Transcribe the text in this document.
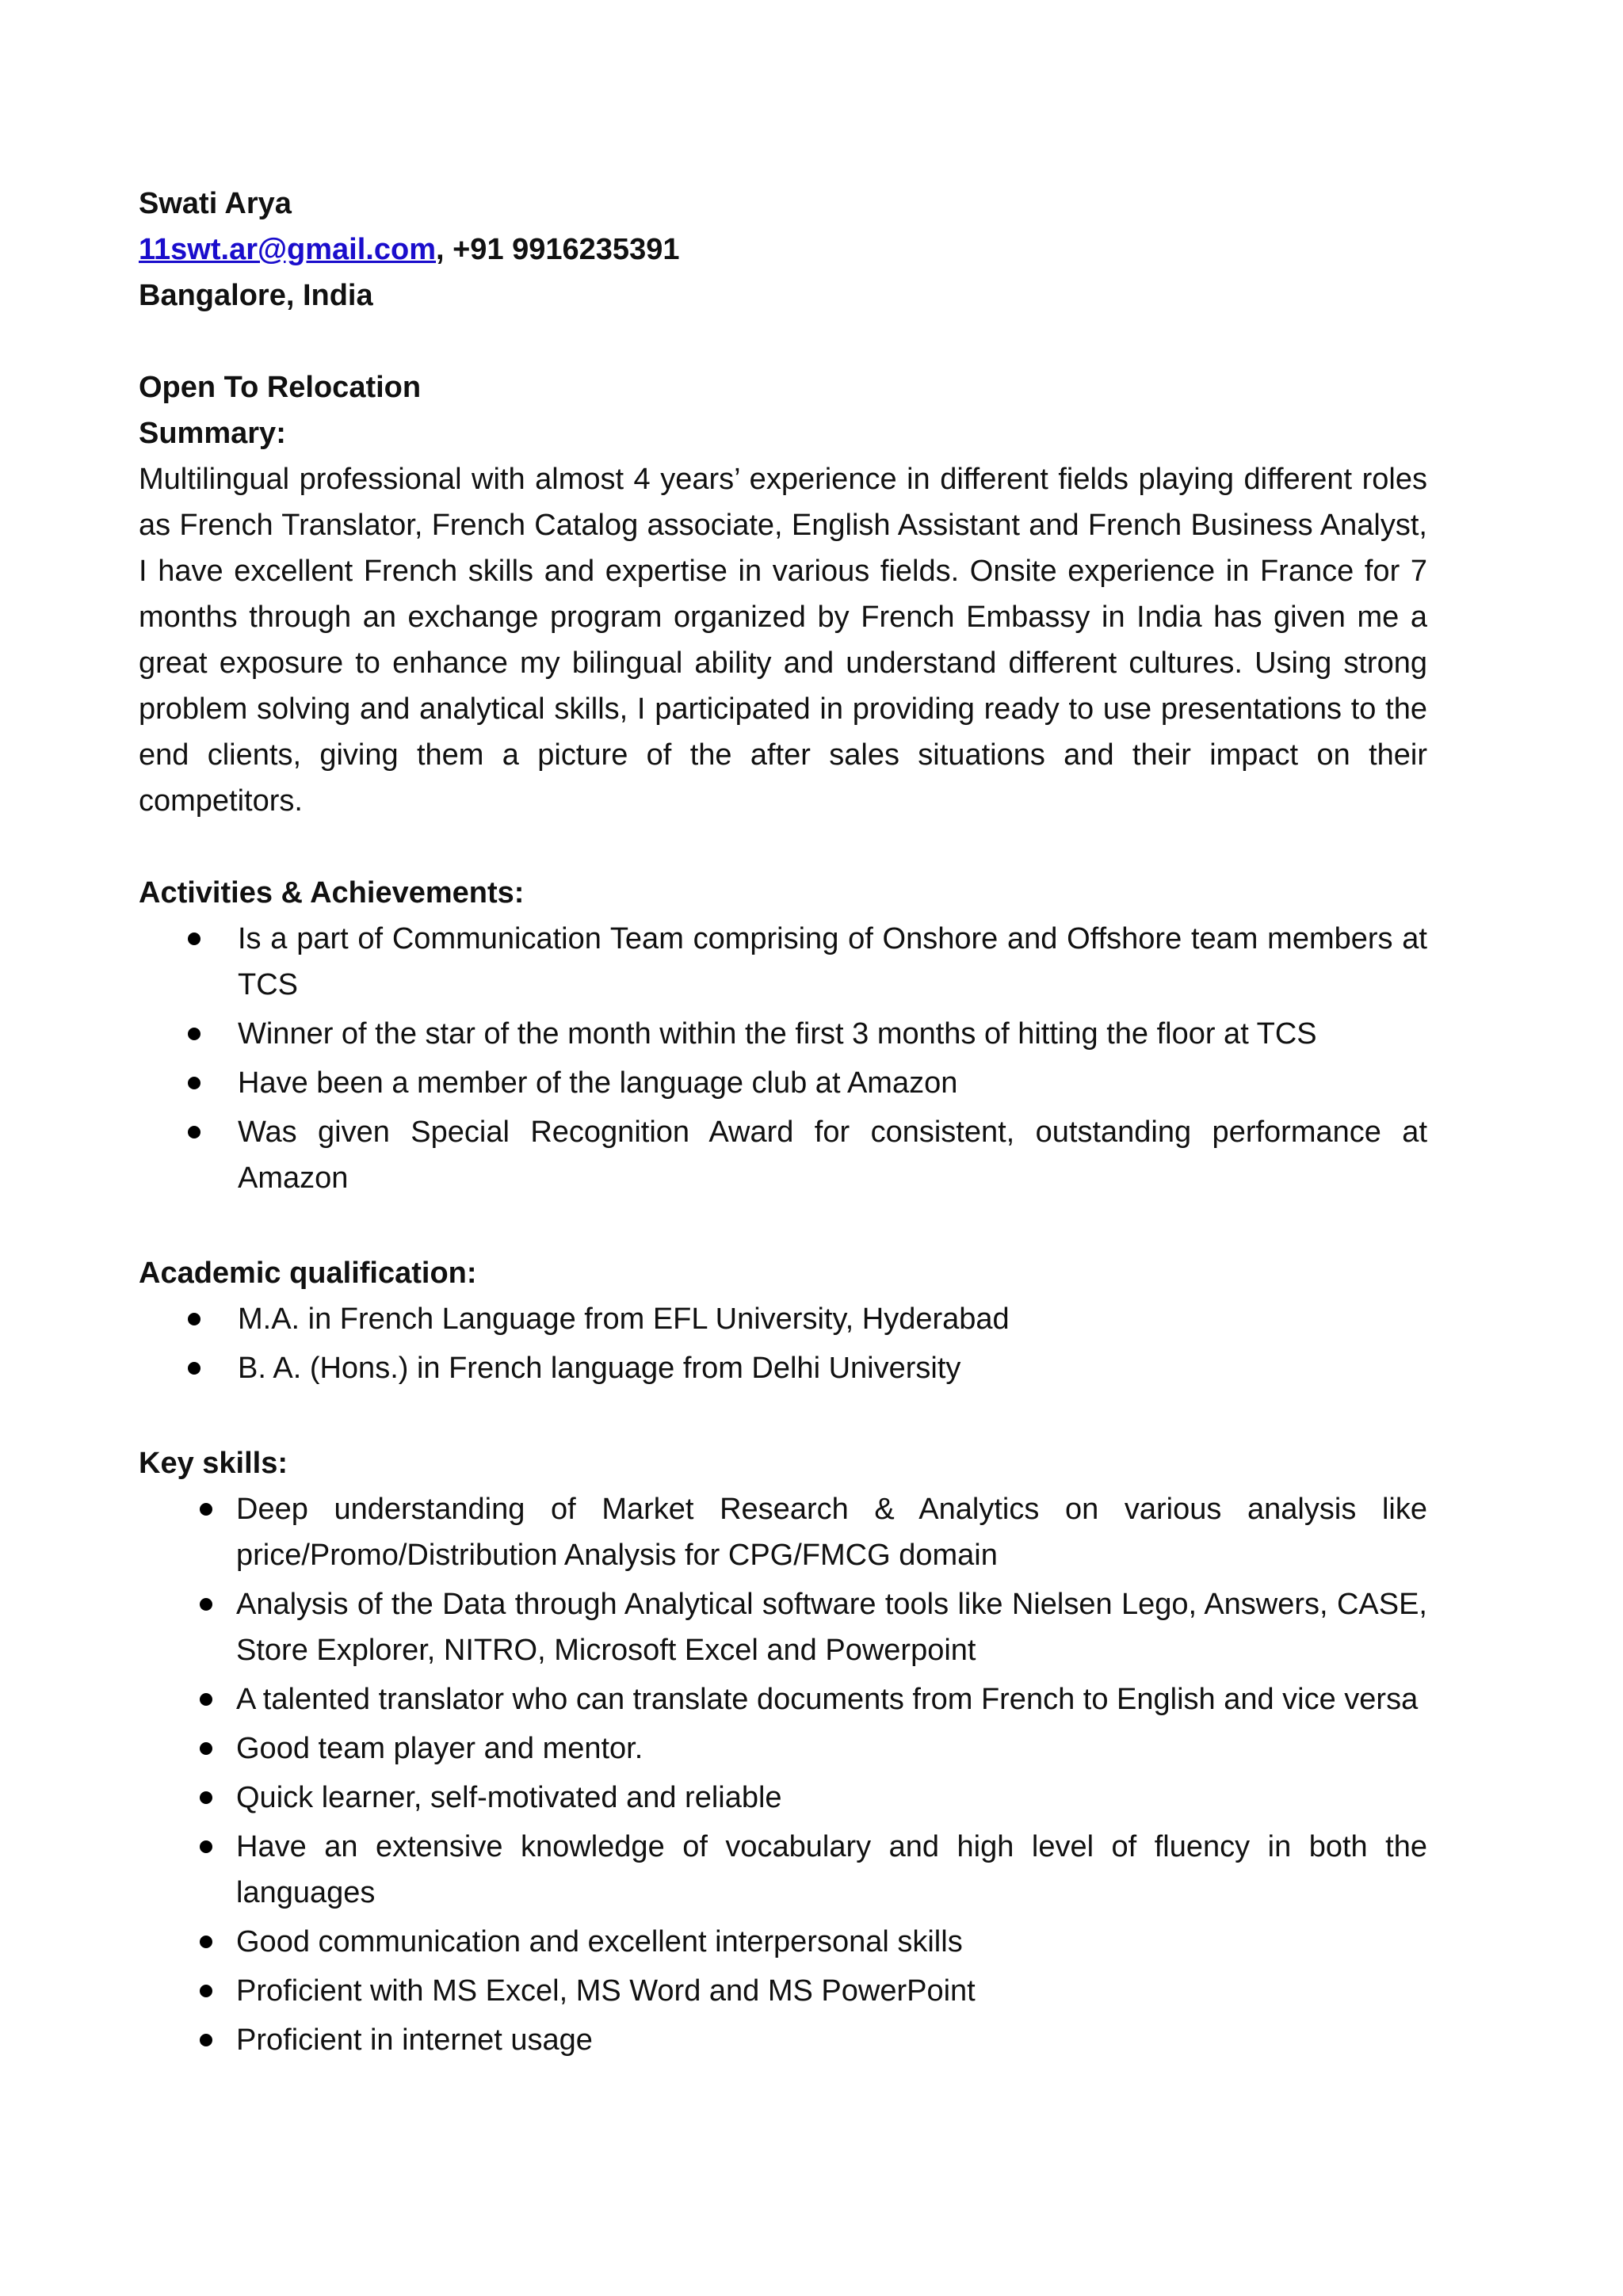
Swati Arya

11swt.ar@gmail.com, +91 9916235391

Bangalore, India

Open To Relocation

Summary:

Multilingual professional with almost 4 years’ experience in different fields playing different roles as French Translator, French Catalog associate, English Assistant and French Business Analyst, I have excellent French skills and expertise in various fields. Onsite experience in France for 7 months through an exchange program organized by French Embassy in India has given me a great exposure to enhance my bilingual ability and understand different cultures. Using strong problem solving and analytical skills, I participated in providing ready to use presentations to the end clients, giving them a picture of the after sales situations and their impact on their competitors.

Activities & Achievements:

Is a part of Communication Team comprising of Onshore and Offshore team members at TCS
Winner of the star of the month within the first 3 months of hitting the floor at TCS
Have been a member of the language club at Amazon
Was given Special Recognition Award for consistent, outstanding performance at Amazon

Academic qualification:

M.A. in French Language from EFL University, Hyderabad
B. A. (Hons.) in French language from Delhi University

Key skills:

Deep understanding of Market Research & Analytics on various analysis like price/Promo/Distribution Analysis for CPG/FMCG domain
Analysis of the Data through Analytical software tools like Nielsen Lego, Answers, CASE, Store Explorer, NITRO, Microsoft Excel and Powerpoint
A talented translator who can translate documents from French to English and vice versa
Good team player and mentor.
Quick learner, self-motivated and reliable
Have an extensive knowledge of vocabulary and high level of fluency in both the languages
Good communication and excellent interpersonal skills
Proficient with MS Excel, MS Word and MS PowerPoint
Proficient in internet usage
